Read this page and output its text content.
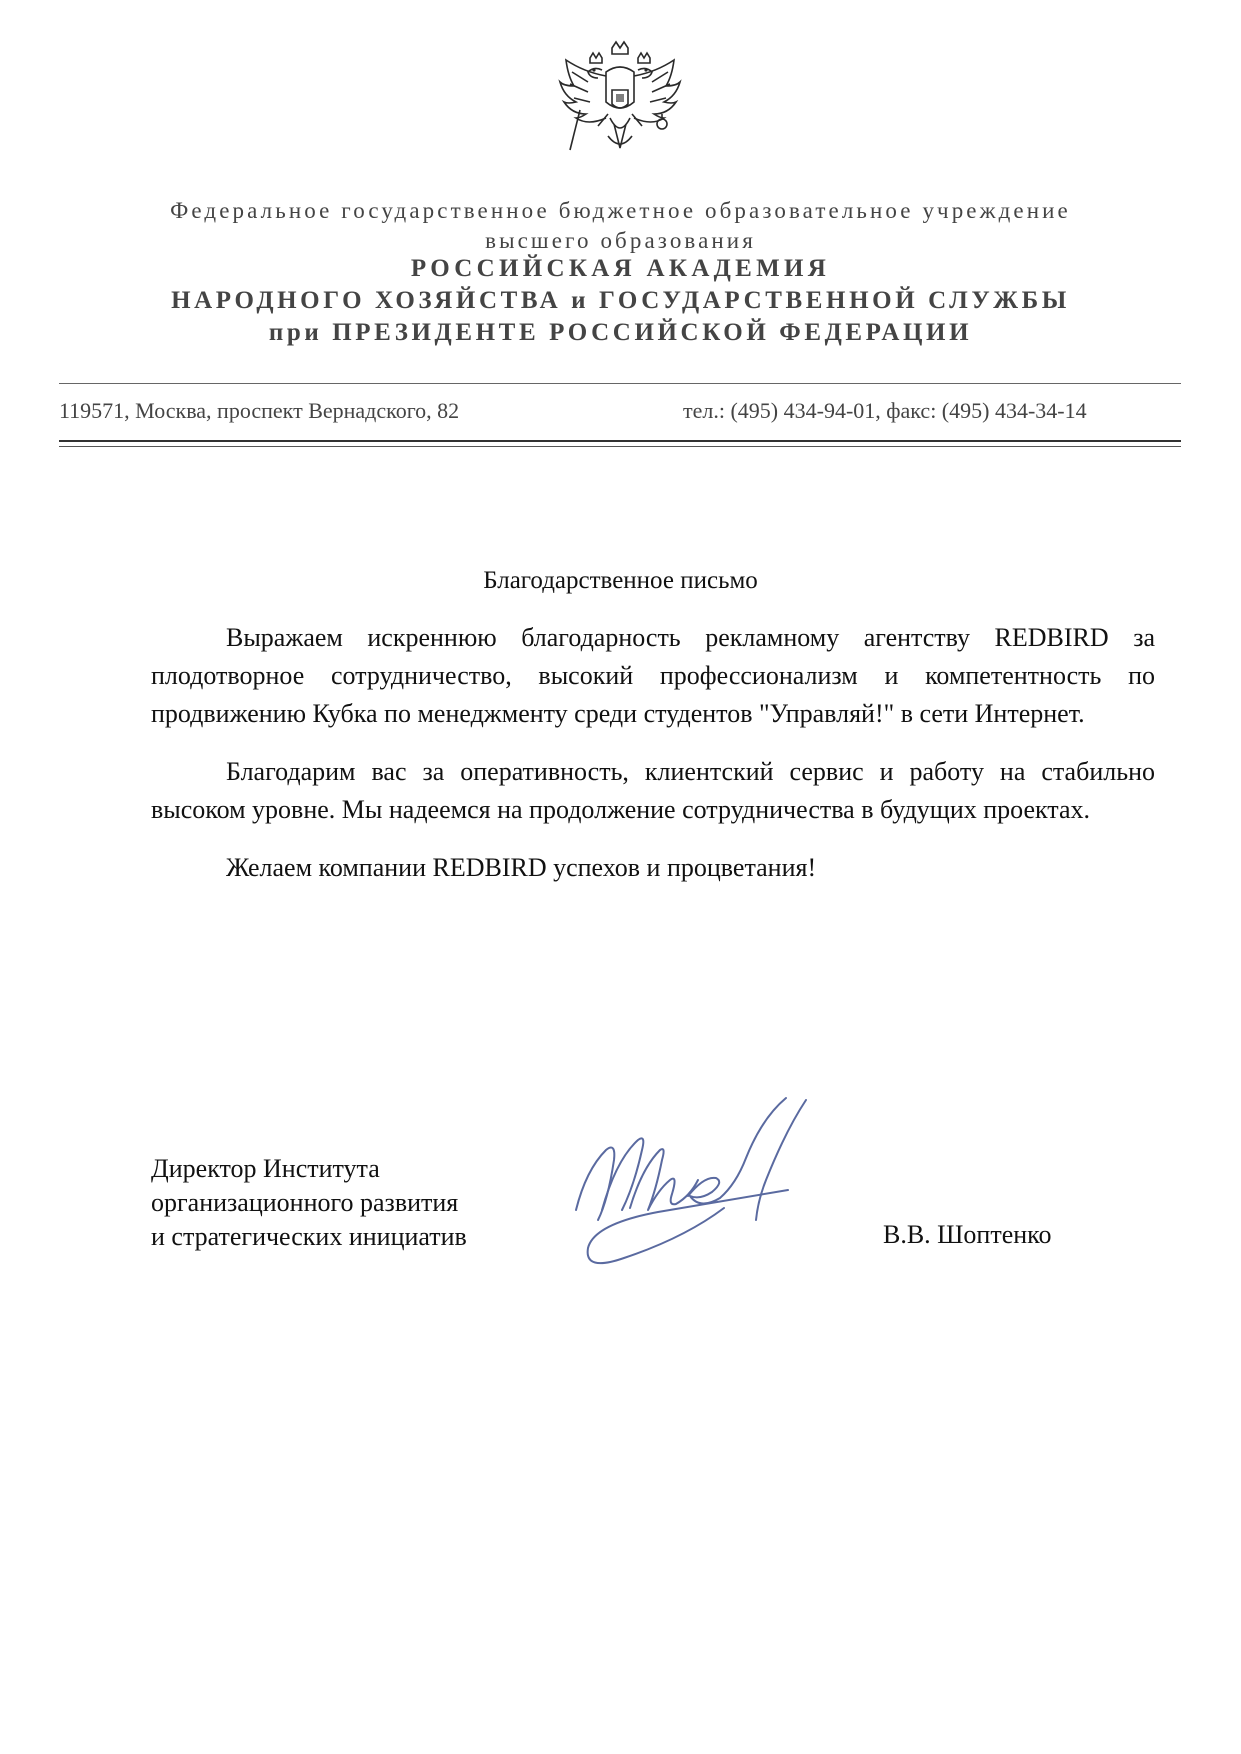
Федеральное государственное бюджетное образовательное учреждение
высшего образования
РОССИЙСКАЯ АКАДЕМИЯ
НАРОДНОГО ХОЗЯЙСТВА и ГОСУДАРСТВЕННОЙ СЛУЖБЫ
при ПРЕЗИДЕНТЕ РОССИЙСКОЙ ФЕДЕРАЦИИ
119571, Москва, проспект Вернадского, 82	тел.: (495) 434-94-01, факс: (495) 434-34-14
Благодарственное письмо

Выражаем искреннюю благодарность рекламному агентству REDBIRD за плодотворное сотрудничество, высокий профессионализм и компетентность по продвижению Кубка по менеджменту среди студентов "Управляй!" в сети Интернет.

Благодарим вас за оперативность, клиентский сервис и работу на стабильно высоком уровне. Мы надеемся на продолжение сотрудничества в будущих проектах.

Желаем компании REDBIRD успехов и процветания!

Директор Института
организационного развития
и стратегических инициатив	В.В. Шоптенко
